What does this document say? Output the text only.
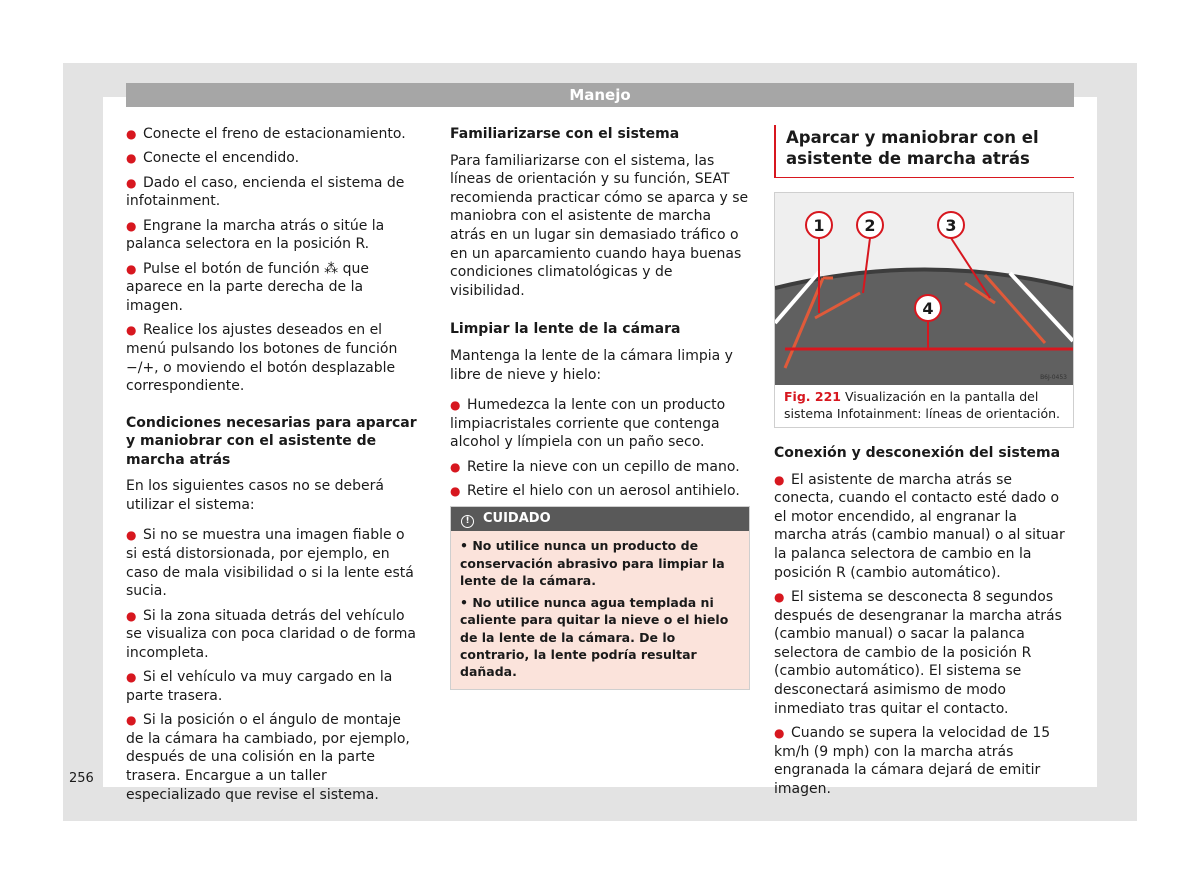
Manejo
● Conecte el freno de estacionamiento.
● Conecte el encendido.
● Dado el caso, encienda el sistema de infotainment.
● Engrane la marcha atrás o sitúe la palanca selectora en la posición R.
● Pulse el botón de función ⁂ que aparece en la parte derecha de la imagen.
● Realice los ajustes deseados en el menú pulsando los botones de función −/+, o moviendo el botón desplazable correspondiente.
Condiciones necesarias para aparcar y maniobrar con el asistente de marcha atrás
En los siguientes casos no se deberá utilizar el sistema:
● Si no se muestra una imagen fiable o si está distorsionada, por ejemplo, en caso de mala visibilidad o si la lente está sucia.
● Si la zona situada detrás del vehículo se visualiza con poca claridad o de forma incompleta.
● Si el vehículo va muy cargado en la parte trasera.
● Si la posición o el ángulo de montaje de la cámara ha cambiado, por ejemplo, después de una colisión en la parte trasera. Encargue a un taller especializado que revise el sistema.
Familiarizarse con el sistema
Para familiarizarse con el sistema, las líneas de orientación y su función, SEAT recomienda practicar cómo se aparca y se maniobra con el asistente de marcha atrás en un lugar sin demasiado tráfico o en un aparcamiento cuando haya buenas condiciones climatológicas y de visibilidad.
Limpiar la lente de la cámara
Mantenga la lente de la cámara limpia y libre de nieve y hielo:
● Humedezca la lente con un producto limpiacristales corriente que contenga alcohol y límpiela con un paño seco.
● Retire la nieve con un cepillo de mano.
● Retire el hielo con un aerosol antihielo.
! CUIDADO
• No utilice nunca un producto de conservación abrasivo para limpiar la lente de la cámara.
• No utilice nunca agua templada ni caliente para quitar la nieve o el hielo de la lente de la cámara. De lo contrario, la lente podría resultar dañada.
Aparcar y maniobrar con el asistente de marcha atrás
1 2	3
4
B6J-0453
Fig. 221 Visualización en la pantalla del sistema Infotainment: líneas de orientación.
Conexión y desconexión del sistema
● El asistente de marcha atrás se conecta, cuando el contacto esté dado o el motor encendido, al engranar la marcha atrás (cambio manual) o al situar la palanca selectora de cambio en la posición R (cambio automático).
● El sistema se desconecta 8 segundos después de desengranar la marcha atrás (cambio manual) o sacar la palanca selectora de cambio de la posición R (cambio automático). El sistema se desconectará asimismo de modo inmediato tras quitar el contacto.
● Cuando se supera la velocidad de 15 km/h (9 mph) con la marcha atrás engranada la cámara dejará de emitir imagen.
256
